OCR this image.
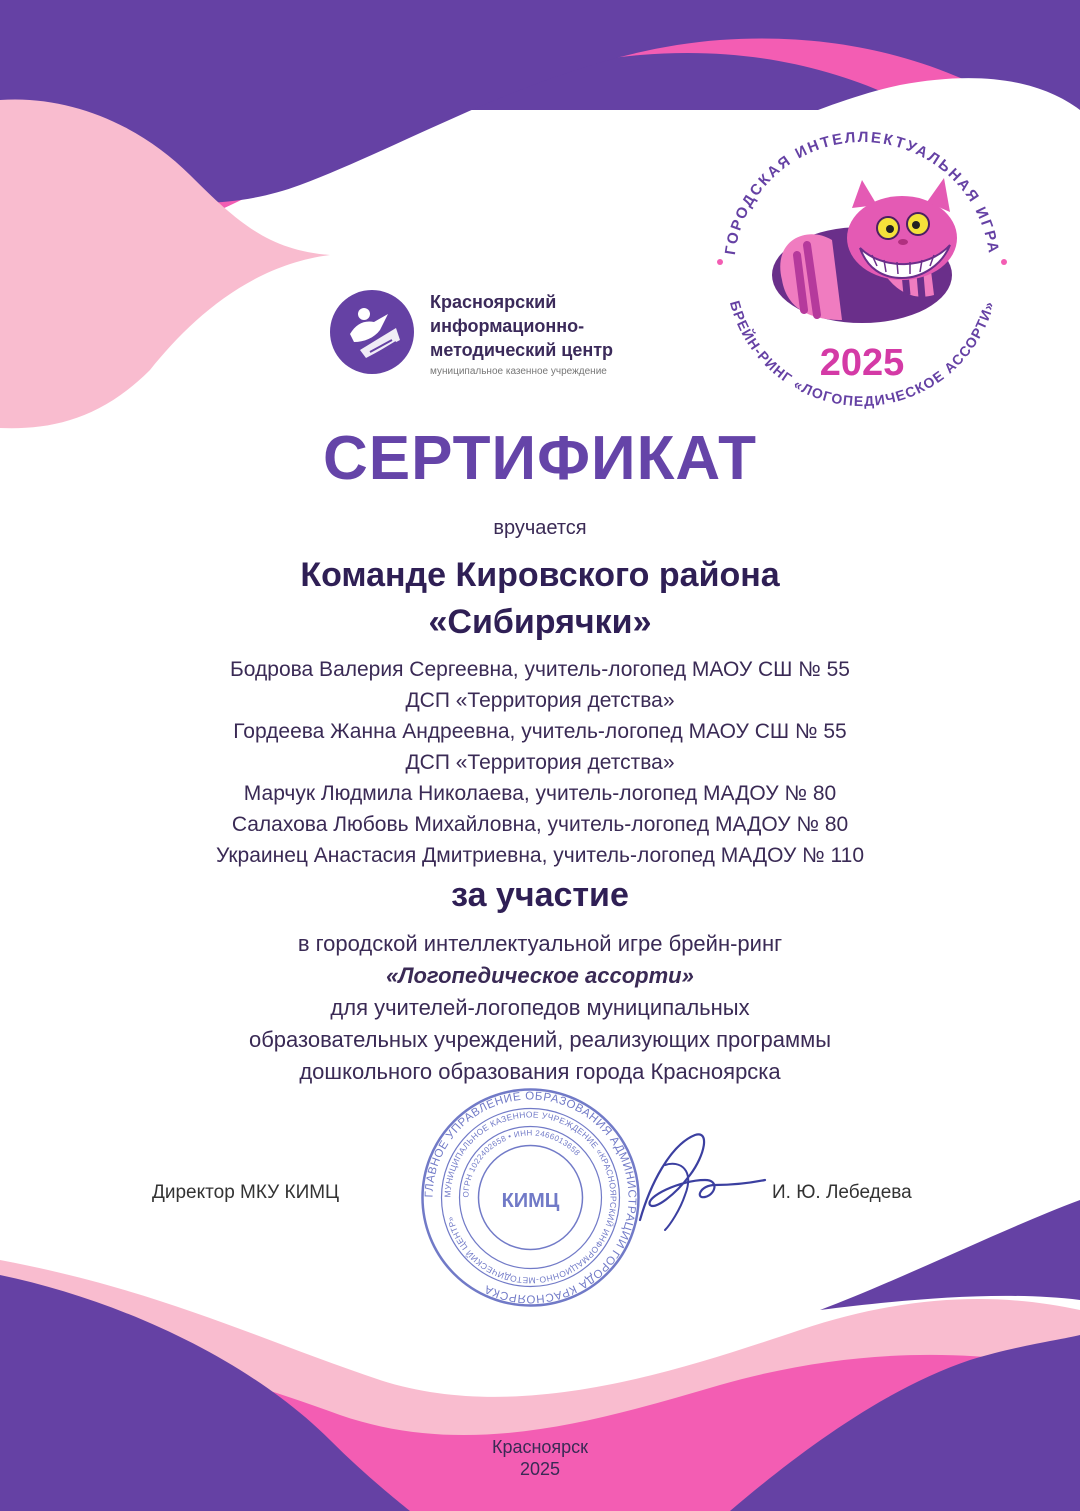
Красноярский
информационно-
методический центр
муниципальное казенное учреждение
ГОРОДСКАЯ ИНТЕЛЛЕКТУАЛЬНАЯ ИГРА
БРЕЙН-РИНГ «ЛОГОПЕДИЧЕСКОЕ АССОРТИ»
2025
СЕРТИФИКАТ
вручается
Команде Кировского района
«Сибирячки»
Бодрова Валерия Сергеевна, учитель-логопед МАОУ СШ № 55
ДСП «Территория детства»
Гордеева Жанна Андреевна, учитель-логопед МАОУ СШ № 55
ДСП «Территория детства»
Марчук Людмила Николаева, учитель-логопед МАДОУ № 80
Салахова Любовь Михайловна, учитель-логопед МАДОУ № 80
Украинец Анастасия Дмитриевна, учитель-логопед МАДОУ № 110
за участие
в городской интеллектуальной игре брейн-ринг
«Логопедическое ассорти»
для учителей-логопедов муниципальных
образовательных учреждений, реализующих программы
дошкольного образования города Красноярска
Директор МКУ КИМЦ	И. Ю. Лебедева
ГЛАВНОЕ УПРАВЛЕНИЕ ОБРАЗОВАНИЯ АДМИНИСТРАЦИИ ГОРОДА КРАСНОЯРСКА
МУНИЦИПАЛЬНОЕ КАЗЕННОЕ УЧРЕЖДЕНИЕ «КРАСНОЯРСКИЙ ИНФОРМАЦИОННО-МЕТОДИЧЕСКИЙ ЦЕНТР»
ОГРН 1022402658 • ИНН 2466013658
КИМЦ
Красноярск
2025
